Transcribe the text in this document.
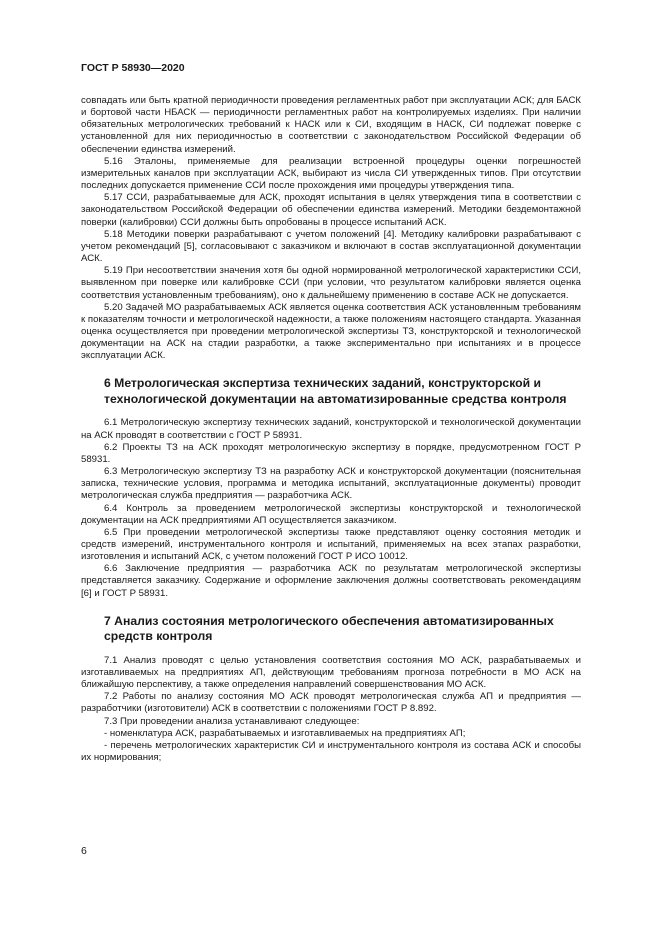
ГОСТ Р 58930—2020

совпадать или быть кратной периодичности проведения регламентных работ при эксплуатации АСК; для БАСК и бортовой части НБАСК — периодичности регламентных работ на контролируемых изделиях. При наличии обязательных метрологических требований к НАСК или к СИ, входящим в НАСК, СИ подлежат поверке с установленной для них периодичностью в соответствии с законодательством Российской Федерации об обеспечении единства измерений.

5.16 Эталоны, применяемые для реализации встроенной процедуры оценки погрешностей измерительных каналов при эксплуатации АСК, выбирают из числа СИ утвержденных типов. При отсутствии последних допускается применение ССИ после прохождения ими процедуры утверждения типа.

5.17 ССИ, разрабатываемые для АСК, проходят испытания в целях утверждения типа в соответствии с законодательством Российской Федерации об обеспечении единства измерений. Методики бездемонтажной поверки (калибровки) ССИ должны быть опробованы в процессе испытаний АСК.

5.18 Методики поверки разрабатывают с учетом положений [4]. Методику калибровки разрабатывают с учетом рекомендаций [5], согласовывают с заказчиком и включают в состав эксплуатационной документации АСК.

5.19 При несоответствии значения хотя бы одной нормированной метрологической характеристики ССИ, выявленном при поверке или калибровке ССИ (при условии, что результатом калибровки является оценка соответствия установленным требованиям), оно к дальнейшему применению в составе АСК не допускается.

5.20 Задачей МО разрабатываемых АСК является оценка соответствия АСК установленным требованиям к показателям точности и метрологической надежности, а также положениям настоящего стандарта. Указанная оценка осуществляется при проведении метрологической экспертизы ТЗ, конструкторской и технологической документации на АСК на стадии разработки, а также экспериментально при испытаниях и в процессе эксплуатации АСК.

6 Метрологическая экспертиза технических заданий, конструкторской и технологической документации на автоматизированные средства контроля

6.1 Метрологическую экспертизу технических заданий, конструкторской и технологической документации на АСК проводят в соответствии с ГОСТ Р 58931.

6.2 Проекты ТЗ на АСК проходят метрологическую экспертизу в порядке, предусмотренном ГОСТ Р 58931.

6.3 Метрологическую экспертизу ТЗ на разработку АСК и конструкторской документации (пояснительная записка, технические условия, программа и методика испытаний, эксплуатационные документы) проводит метрологическая служба предприятия — разработчика АСК.

6.4 Контроль за проведением метрологической экспертизы конструкторской и технологической документации на АСК предприятиями АП осуществляется заказчиком.

6.5 При проведении метрологической экспертизы также представляют оценку состояния методик и средств измерений, инструментального контроля и испытаний, применяемых на всех этапах разработки, изготовления и испытаний АСК, с учетом положений ГОСТ Р ИСО 10012.

6.6 Заключение предприятия — разработчика АСК по результатам метрологической экспертизы представляется заказчику. Содержание и оформление заключения должны соответствовать рекомендациям [6] и ГОСТ Р 58931.

7 Анализ состояния метрологического обеспечения автоматизированных средств контроля

7.1 Анализ проводят с целью установления соответствия состояния МО АСК, разрабатываемых и изготавливаемых на предприятиях АП, действующим требованиям прогноза потребности в МО АСК на ближайшую перспективу, а также определения направлений совершенствования МО АСК.

7.2 Работы по анализу состояния МО АСК проводят метрологическая служба АП и предприятия — разработчики (изготовители) АСК в соответствии с положениями ГОСТ Р 8.892.

7.3 При проведении анализа устанавливают следующее:

- номенклатура АСК, разрабатываемых и изготавливаемых на предприятиях АП;

- перечень метрологических характеристик СИ и инструментального контроля из состава АСК и способы их нормирования;

6
